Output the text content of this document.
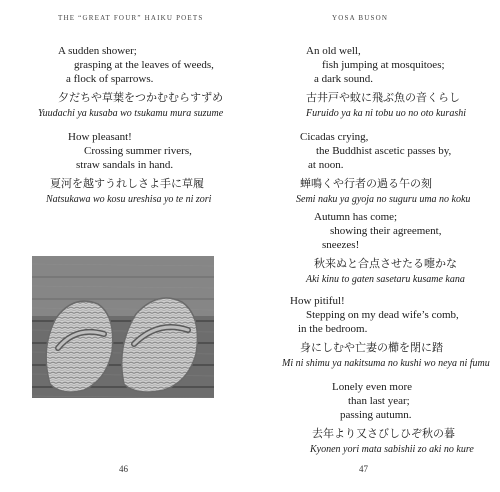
THE “GREAT FOUR” HAIKU POETS
A sudden shower;
grasping at the leaves of weeds,
a flock of sparrows.
夕だちや草葉をつかむむらすずめ
Yuudachi ya kusaba wo tsukamu mura suzume
How pleasant!
Crossing summer rivers,
straw sandals in hand.
夏河を越すうれしさよ手に草履
Natsukawa wo kosu ureshisa yo te ni zori
46
YOSA BUSON
An old well,
fish jumping at mosquitoes;
a dark sound.
古井戸や蚊に飛ぶ魚の音くらし
Furuido ya ka ni tobu uo no oto kurashi
Cicadas crying,
the Buddhist ascetic passes by,
at noon.
蝉鳴くや行者の過る午の刻
Semi naku ya gyoja no suguru uma no koku
Autumn has come;
showing their agreement,
sneezes!
秋来ぬと合点させたる嚏かな
Aki kinu to gaten sasetaru kusame kana
How pitiful!
Stepping on my dead wife’s comb,
in the bedroom.
身にしむや亡妻の櫛を閉に踏
Mi ni shimu ya nakitsuma no kushi wo neya ni fumu
Lonely even more
than last year;
passing autumn.
去年より又さびしひぞ秋の暮
Kyonen yori mata sabishii zo aki no kure
47
